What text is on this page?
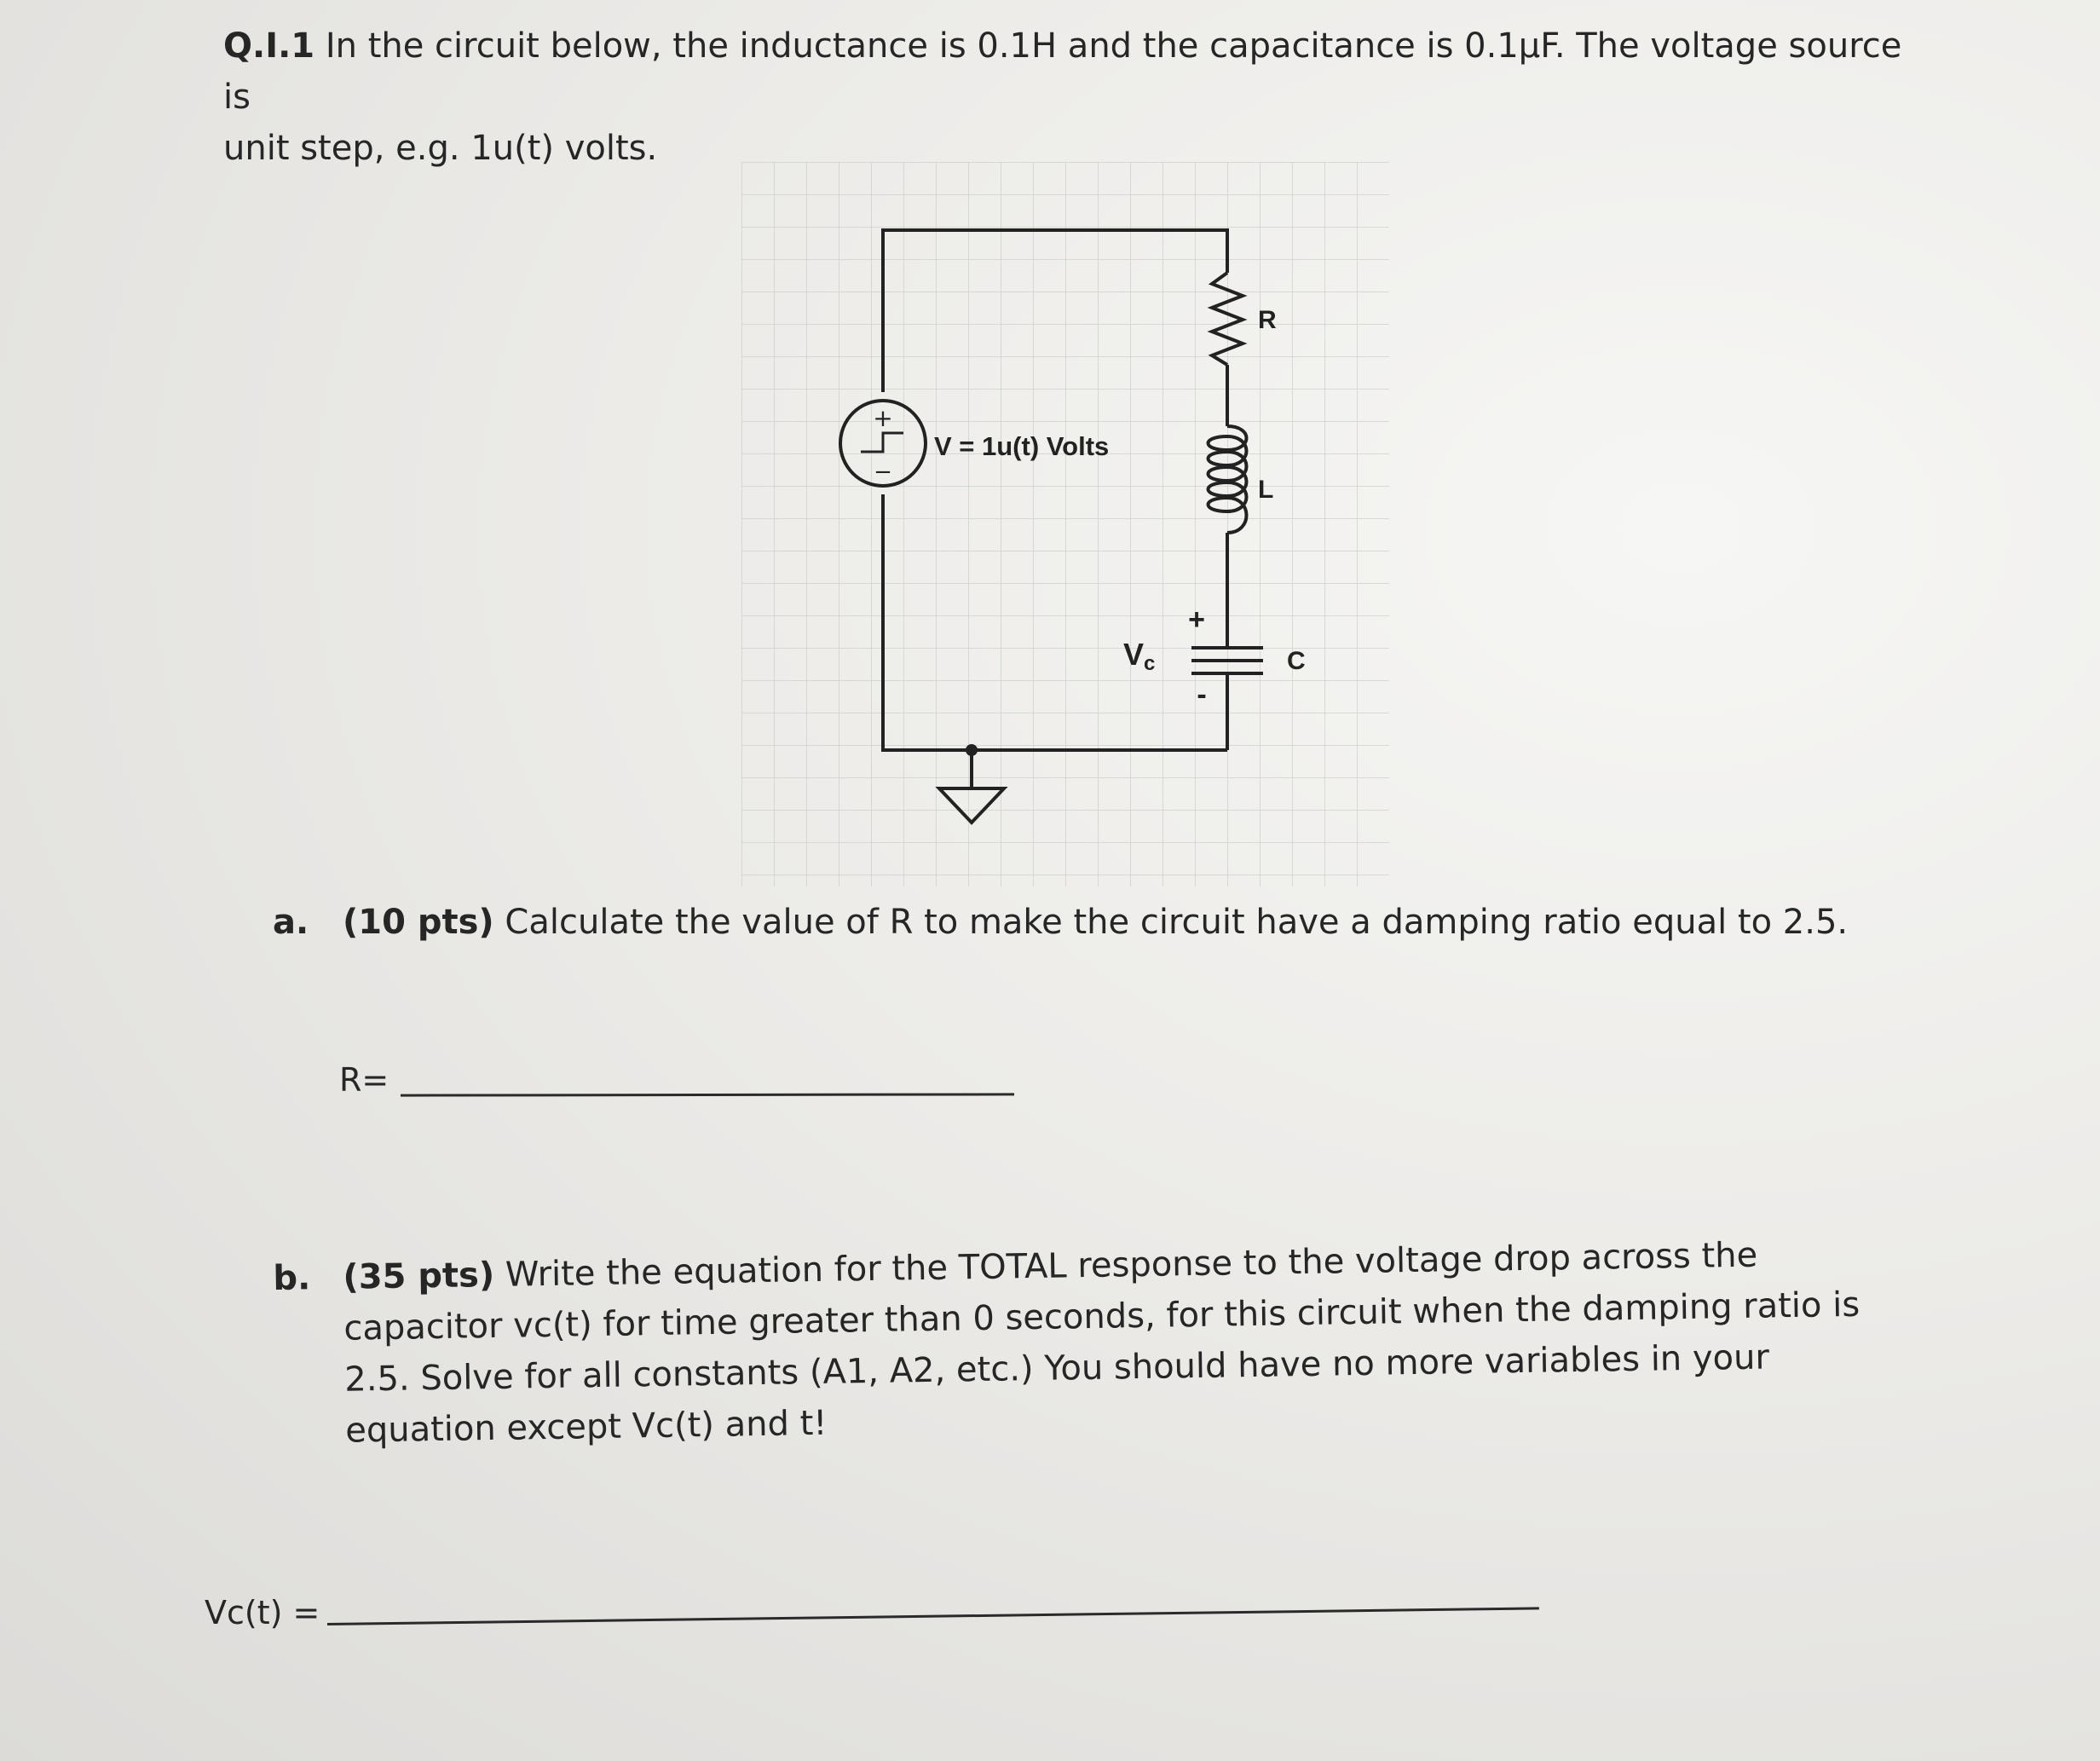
Q.I.1 In the circuit below, the inductance is 0.1H and the capacitance is 0.1µF. The voltage source is
unit step, e.g. 1u(t) volts.

+
−
V = 1u(t) Volts
R
L
C
+
-
Vc

a. (10 pts) Calculate the value of R to make the circuit have a damping ratio equal to 2.5.

R=

b. (35 pts) Write the equation for the TOTAL response to the voltage drop across the capacitor vc(t) for time greater than 0 seconds, for this circuit when the damping ratio is 2.5. Solve for all constants (A1, A2, etc.) You should have no more variables in your equation except Vc(t) and t!

Vc(t) =
